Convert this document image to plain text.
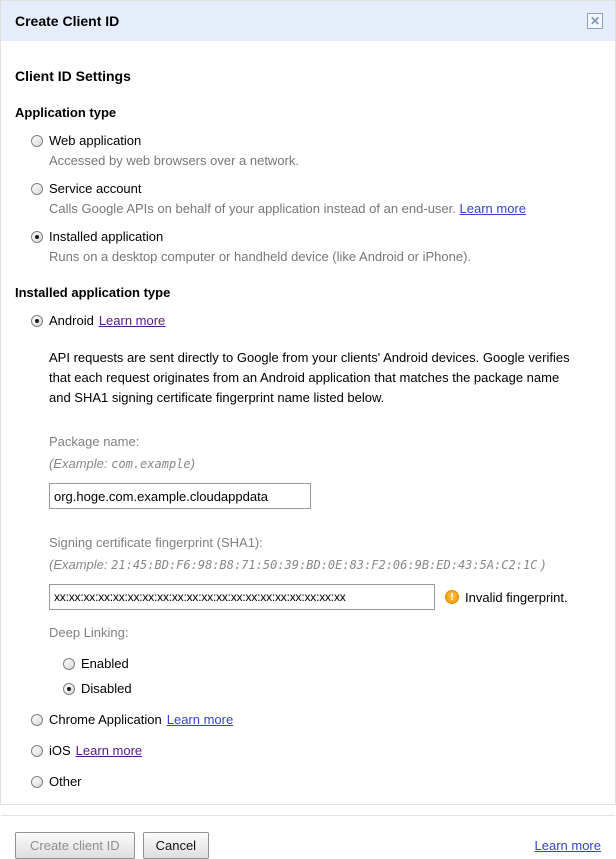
Create Client ID	✕
Client ID Settings
Application type
Web application
Accessed by web browsers over a network.
Service account
Calls Google APIs on behalf of your application instead of an end-user. Learn more
Installed application
Runs on a desktop computer or handheld device (like Android or iPhone).
Installed application type
Android Learn more
API requests are sent directly to Google from your clients' Android devices. Google verifies that each request originates from an Android application that matches the package name and SHA1 signing certificate fingerprint name listed below.
Package name:
(Example: com.example)
org.hoge.com.example.cloudappdata
Signing certificate fingerprint (SHA1):
(Example: 21:45:BD:F6:98:B8:71:50:39:BD:0E:83:F2:06:9B:ED:43:5A:C2:1C )
xx:xx:xx:xx:xx:xx:xx:xx:xx:xx:xx:xx:xx:xx:xx:xx:xx:xx:xx:xx
! Invalid fingerprint.
Deep Linking:
Enabled
Disabled
Chrome Application Learn more
iOS Learn more
Other
Create client ID	Cancel	Learn more
